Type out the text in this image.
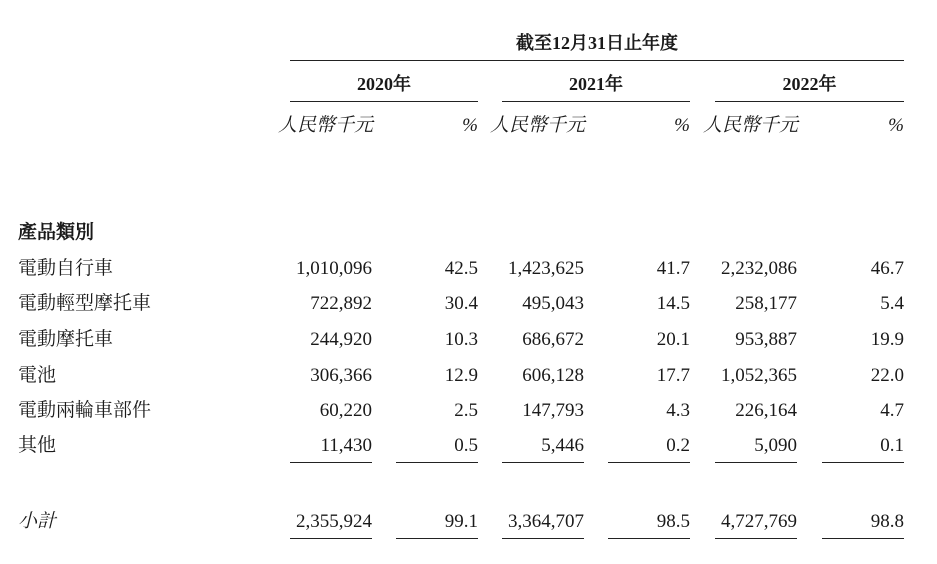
截至12月31日止年度
2020年	2021年	2022年
人民幣千元	% 人民幣千元	% 人民幣千元	%
產品類別
電動自行車	1,010,096	42.5	1,423,625	41.7	2,232,086	46.7
電動輕型摩托車	722,892	30.4	495,043	14.5	258,177	5.4
電動摩托車	244,920	10.3	686,672	20.1	953,887	19.9
電池	306,366	12.9	606,128	17.7	1,052,365	22.0
電動兩輪車部件	60,220	2.5	147,793	4.3	226,164	4.7
其他	11,430	0.5	5,446	0.2	5,090	0.1
小計	2,355,924	99.1	3,364,707	98.5	4,727,769	98.8
